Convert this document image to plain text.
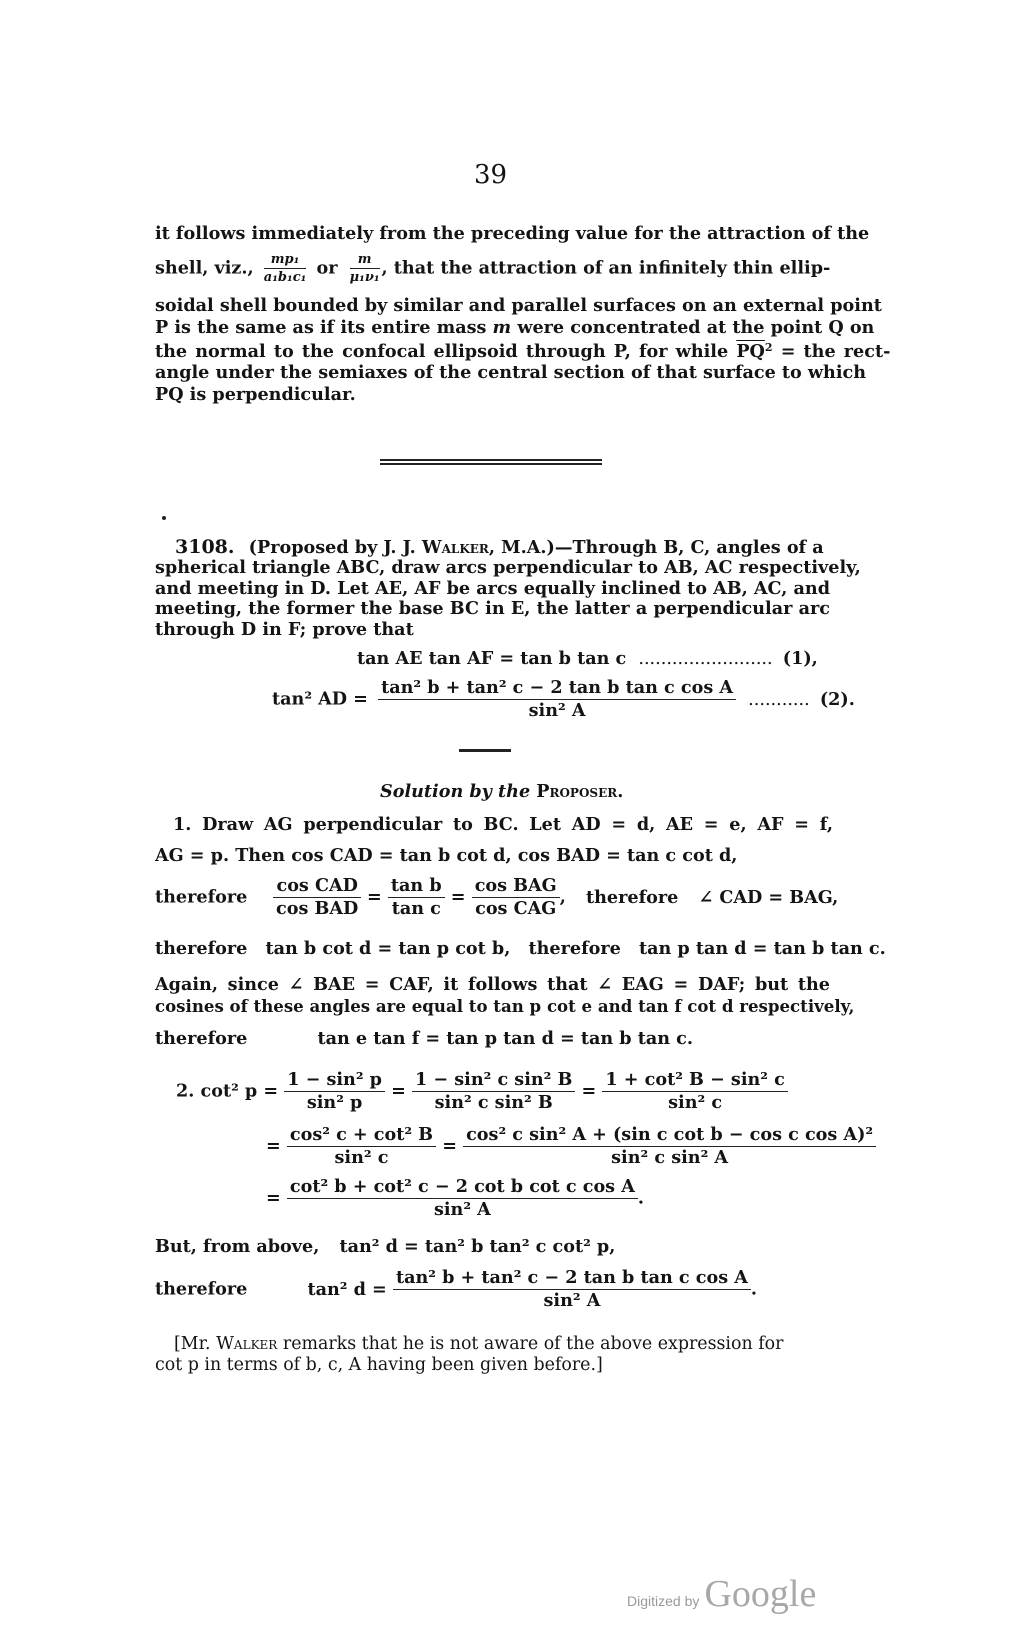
39
it follows immediately from the preceding value for the attraction of the
shell, viz., $\frac{\text{mp₁}}{\text{a₁b₁c₁}}$ or $\frac{m}{\text{μ₁ν₁}}$ , that the attraction of an infinitely thin ellip-
soidal shell bounded by similar and parallel surfaces on an external point
P is the same as if its entire mass m were concentrated at the point Q on
the normal to the confocal ellipsoid through P, for while $\overline{PQ}^2$ = the rect-
angle under the semiaxes of the central section of that surface to which
PQ is perpendicular.
3108. (Proposed by J. J. Walker, M.A.)—Through B, C, angles of a
spherical triangle ABC, draw arcs perpendicular to AB, AC respectively,
and meeting in D. Let AE, AF be arcs equally inclined to AB, AC, and
meeting, the former the base BC in E, the latter a perpendicular arc
through D in F; prove that
tan AE tan AF = tan b tan c ........................ (1),
tan² AD = $\frac{\text{tan² b + tan² c − 2 tan b tan c cos A}}{\text{sin² A}}$ ........... (2).
Solution by the Proposer.
1. Draw AG perpendicular to BC. Let AD = d, AE = e, AF = f,
AG = p. Then cos CAD = tan b cot d, cos BAD = tan c cot d,
therefore $\frac{\text{cos CAD}}{\text{cos BAD}} = \frac{\text{tan b}}{\text{tan c}} = \frac{\text{cos BAG}}{\text{cos CAG}}$ , therefore ∠ CAD = BAG,
therefore tan b cot d = tan p cot b, therefore tan p tan d = tan b tan c.
Again, since ∠ BAE = CAF, it follows that ∠ EAG = DAF; but the
cosines of these angles are equal to tan p cot e and tan f cot d respectively,
therefore	tan e tan f = tan p tan d = tan b tan c.
2. cot² $p = \frac{\text{1 − sin² p}}{\text{sin² p}} = \frac{\text{1 − sin² c sin² B}}{\text{sin² c sin² B}} = \frac{\text{1 + cot² B − sin² c}}{\text{sin² c}}$
= $\frac{\text{cos² c + cot² B}}{\text{sin² c}} = \frac{\text{cos² c sin² A + (sin c cot b − cos c cos A)²}}{\text{sin² c sin² A}}$
= $\frac{\text{cot² b + cot² c − 2 cot b cot c cos A}}{\text{sin² A}}$ .
But, from above, tan² d = tan² b tan² c cot² p,
therefore	tan² $d = \frac{\text{tan² b + tan² c − 2 tan b tan c cos A}}{\text{sin² A}}$ .
[Mr. Walker remarks that he is not aware of the above expression for
cot p in terms of b, c, A having been given before.]
Digitized by Google
